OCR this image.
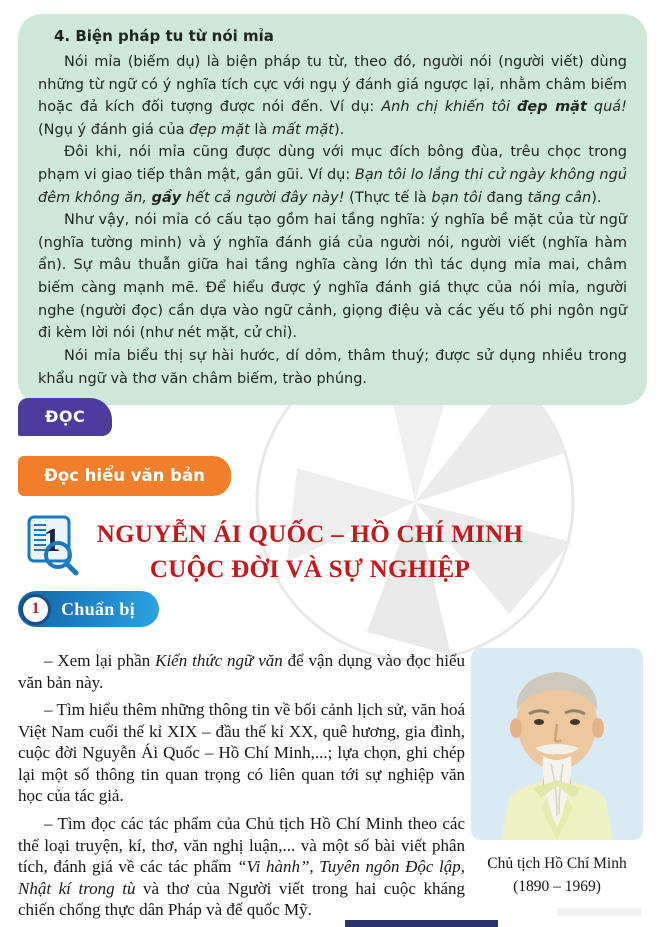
4. Biện pháp tu từ nói mỉa

Nói mỉa (biếm dụ) là biện pháp tu từ, theo đó, người nói (người viết) dùng những từ ngữ có ý nghĩa tích cực với ngụ ý đánh giá ngược lại, nhằm châm biếm hoặc đả kích đối tượng được nói đến. Ví dụ: Anh chị khiến tôi đẹp mặt quá! (Ngụ ý đánh giá của đẹp mặt là mất mặt).

Đôi khi, nói mỉa cũng được dùng với mục đích bông đùa, trêu chọc trong phạm vi giao tiếp thân mật, gần gũi. Ví dụ: Bạn tôi lo lắng thi cử ngày không ngủ đêm không ăn, gầy hết cả người đây này! (Thực tế là bạn tôi đang tăng cân).

Như vậy, nói mỉa có cấu tạo gồm hai tầng nghĩa: ý nghĩa bề mặt của từ ngữ (nghĩa tường minh) và ý nghĩa đánh giá của người nói, người viết (nghĩa hàm ẩn). Sự mâu thuẫn giữa hai tầng nghĩa càng lớn thì tác dụng mỉa mai, châm biếm càng mạnh mẽ. Để hiểu được ý nghĩa đánh giá thực của nói mỉa, người nghe (người đọc) cần dựa vào ngữ cảnh, giọng điệu và các yếu tố phi ngôn ngữ đi kèm lời nói (như nét mặt, cử chỉ).

Nói mỉa biểu thị sự hài hước, dí dỏm, thâm thuý; được sử dụng nhiều trong khẩu ngữ và thơ văn châm biếm, trào phúng.

ĐỌC
Đọc hiểu văn bản
1	NGUYỄN ÁI QUỐC – HỒ CHÍ MINH
CUỘC ĐỜI VÀ SỰ NGHIỆP
1	Chuẩn bị

– Xem lại phần Kiến thức ngữ văn để vận dụng vào đọc hiểu văn bản này.

– Tìm hiểu thêm những thông tin về bối cảnh lịch sử, văn hoá Việt Nam cuối thế kỉ XIX – đầu thế kỉ XX, quê hương, gia đình, cuộc đời Nguyễn Ái Quốc – Hồ Chí Minh,...; lựa chọn, ghi chép lại một số thông tin quan trọng có liên quan tới sự nghiệp văn học của tác giả.

– Tìm đọc các tác phẩm của Chủ tịch Hồ Chí Minh theo các thể loại truyện, kí, thơ, văn nghị luận,... và một số bài viết phân tích, đánh giá về các tác phẩm “Vi hành”, Tuyên ngôn Độc lập, Nhật kí trong tù và thơ của Người viết trong hai cuộc kháng chiến chống thực dân Pháp và đế quốc Mỹ.

Chủ tịch Hồ Chí Minh
(1890 – 1969)
